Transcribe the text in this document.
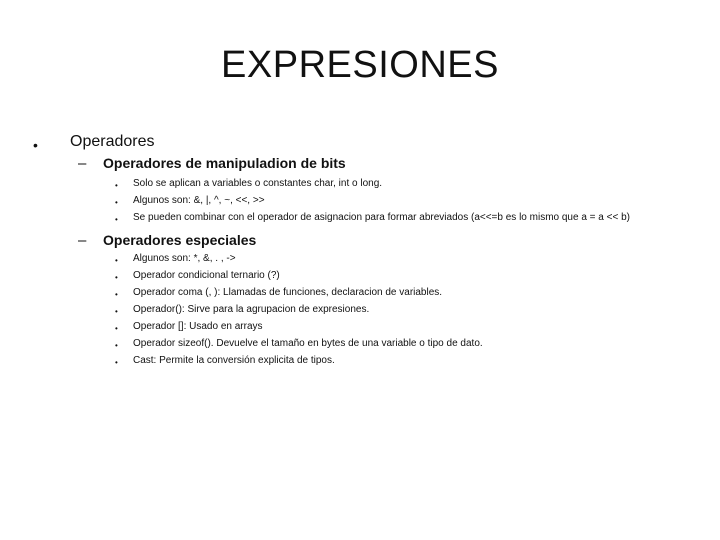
EXPRESIONES
• Operadores
– Operadores de manipuladion de bits
• Solo se aplican a variables o constantes char, int o long.
• Algunos son: &, |, ^, ~, <<, >>
• Se pueden combinar con el operador de asignacion para formar abreviados (a<<=b es lo mismo que a = a << b)
– Operadores especiales
• Algunos son: *, &, . , ->
• Operador condicional ternario (?)
• Operador coma (, ): Llamadas de funciones, declaracion de variables.
• Operador(): Sirve para la agrupacion de expresiones.
• Operador []: Usado en arrays
• Operador sizeof(). Devuelve el tamaño en bytes de una variable o tipo de dato.
• Cast: Permite la conversión explicita de tipos.
